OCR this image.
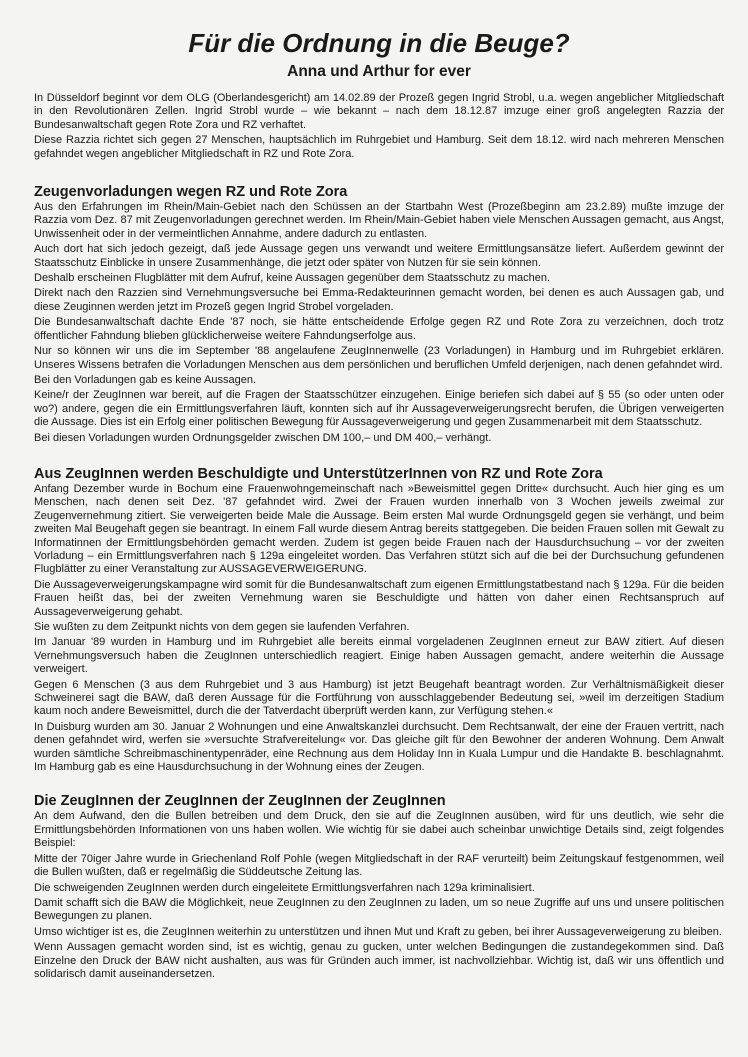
Für die Ordnung in die Beuge?
Anna und Arthur for ever

In Düsseldorf beginnt vor dem OLG (Oberlandesgericht) am 14.02.89 der Prozeß gegen Ingrid Strobl, u.a. wegen angeblicher Mitgliedschaft in den Revolutionären Zellen. Ingrid Strobl wurde – wie bekannt – nach dem 18.12.87 imzuge einer groß angelegten Razzia der Bundesanwaltschaft gegen Rote Zora und RZ verhaftet.

Diese Razzia richtet sich gegen 27 Menschen, hauptsächlich im Ruhrgebiet und Hamburg. Seit dem 18.12. wird nach mehreren Menschen gefahndet wegen angeblicher Mitgliedschaft in RZ und Rote Zora.

Zeugenvorladungen wegen RZ und Rote Zora

Aus den Erfahrungen im Rhein/Main-Gebiet nach den Schüssen an der Startbahn West (Prozeßbeginn am 23.2.89) mußte imzuge der Razzia vom Dez. 87 mit Zeugenvorladungen gerechnet werden. Im Rhein/Main-Gebiet haben viele Menschen Aussagen gemacht, aus Angst, Unwissenheit oder in der vermeintlichen Annahme, andere dadurch zu entlasten.

Auch dort hat sich jedoch gezeigt, daß jede Aussage gegen uns verwandt und weitere Ermittlungsansätze liefert. Außerdem gewinnt der Staatsschutz Einblicke in unsere Zusammenhänge, die jetzt oder später von Nutzen für sie sein können.

Deshalb erscheinen Flugblätter mit dem Aufruf, keine Aussagen gegenüber dem Staatsschutz zu machen.

Direkt nach den Razzien sind Vernehmungsversuche bei Emma-Redakteurinnen gemacht worden, bei denen es auch Aussagen gab, und diese Zeuginnen werden jetzt im Prozeß gegen Ingrid Strobel vorgeladen.

Die Bundesanwaltschaft dachte Ende '87 noch, sie hätte entscheidende Erfolge gegen RZ und Rote Zora zu verzeichnen, doch trotz öffentlicher Fahndung blieben glücklicherweise weitere Fahndungserfolge aus.

Nur so können wir uns die im September '88 angelaufene ZeugInnenwelle (23 Vorladungen) in Hamburg und im Ruhrgebiet erklären. Unseres Wissens betrafen die Vorladungen Menschen aus dem persönlichen und beruflichen Umfeld derjenigen, nach denen gefahndet wird.

Bei den Vorladungen gab es keine Aussagen.

Keine/r der ZeugInnen war bereit, auf die Fragen der Staatsschützer einzugehen. Einige beriefen sich dabei auf § 55 (so oder unten oder wo?) andere, gegen die ein Ermittlungsverfahren läuft, konnten sich auf ihr Aussageverweigerungsrecht berufen, die Übrigen verweigerten die Aussage. Dies ist ein Erfolg einer politischen Bewegung für Aussageverweigerung und gegen Zusammenarbeit mit dem Staatsschutz.

Bei diesen Vorladungen wurden Ordnungsgelder zwischen DM 100,– und DM 400,– verhängt.

Aus ZeugInnen werden Beschuldigte und UnterstützerInnen von RZ und Rote Zora

Anfang Dezember wurde in Bochum eine Frauenwohngemeinschaft nach »Beweismittel gegen Dritte« durchsucht. Auch hier ging es um Menschen, nach denen seit Dez. '87 gefahndet wird. Zwei der Frauen wurden innerhalb von 3 Wochen jeweils zweimal zur Zeugenvernehmung zitiert. Sie verweigerten beide Male die Aussage. Beim ersten Mal wurde Ordnungsgeld gegen sie verhängt, und beim zweiten Mal Beugehaft gegen sie beantragt. In einem Fall wurde diesem Antrag bereits stattgegeben. Die beiden Frauen sollen mit Gewalt zu Informatinnen der Ermittlungsbehörden gemacht werden. Zudem ist gegen beide Frauen nach der Hausdurchsuchung – vor der zweiten Vorladung – ein Ermittlungsverfahren nach § 129a eingeleitet worden. Das Verfahren stützt sich auf die bei der Durchsuchung gefundenen Flugblätter zu einer Veranstaltung zur AUSSAGEVERWEIGERUNG.

Die Aussageverweigerungskampagne wird somit für die Bundesanwaltschaft zum eigenen Ermittlungstatbestand nach § 129a. Für die beiden Frauen heißt das, bei der zweiten Vernehmung waren sie Beschuldigte und hätten von daher einen Rechtsanspruch auf Aussageverweigerung gehabt.

Sie wußten zu dem Zeitpunkt nichts von dem gegen sie laufenden Verfahren.

Im Januar '89 wurden in Hamburg und im Ruhrgebiet alle bereits einmal vorgeladenen ZeugInnen erneut zur BAW zitiert. Auf diesen Vernehmungsversuch haben die ZeugInnen unterschiedlich reagiert. Einige haben Aussagen gemacht, andere weiterhin die Aussage verweigert.

Gegen 6 Menschen (3 aus dem Ruhrgebiet und 3 aus Hamburg) ist jetzt Beugehaft beantragt worden. Zur Verhältnismäßigkeit dieser Schweinerei sagt die BAW, daß deren Aussage für die Fortführung von ausschlaggebender Bedeutung sei, »weil im derzeitigen Stadium kaum noch andere Beweismittel, durch die der Tatverdacht überprüft werden kann, zur Verfügung stehen.«

In Duisburg wurden am 30. Januar 2 Wohnungen und eine Anwaltskanzlei durchsucht. Dem Rechtsanwalt, der eine der Frauen vertritt, nach denen gefahndet wird, werfen sie »versuchte Strafvereitelung« vor. Das gleiche gilt für den Bewohner der anderen Wohnung. Dem Anwalt wurden sämtliche Schreibmaschinentypenräder, eine Rechnung aus dem Holiday Inn in Kuala Lumpur und die Handakte B. beschlagnahmt. Im Hamburg gab es eine Hausdurchsuchung in der Wohnung eines der Zeugen.

Die ZeugInnen der ZeugInnen der ZeugInnen der ZeugInnen

An dem Aufwand, den die Bullen betreiben und dem Druck, den sie auf die ZeugInnen ausüben, wird für uns deutlich, wie sehr die Ermittlungsbehörden Informationen von uns haben wollen. Wie wichtig für sie dabei auch scheinbar unwichtige Details sind, zeigt folgendes Beispiel:

Mitte der 70iger Jahre wurde in Griechenland Rolf Pohle (wegen Mitgliedschaft in der RAF verurteilt) beim Zeitungskauf festgenommen, weil die Bullen wußten, daß er regelmäßig die Süddeutsche Zeitung las.

Die schweigenden ZeugInnen werden durch eingeleitete Ermittlungsverfahren nach 129a kriminalisiert.

Damit schafft sich die BAW die Möglichkeit, neue ZeugInnen zu den ZeugInnen zu laden, um so neue Zugriffe auf uns und unsere politischen Bewegungen zu planen.

Umso wichtiger ist es, die ZeugInnen weiterhin zu unterstützen und ihnen Mut und Kraft zu geben, bei ihrer Aussageverweigerung zu bleiben.

Wenn Aussagen gemacht worden sind, ist es wichtig, genau zu gucken, unter welchen Bedingungen die zustandegekommen sind. Daß Einzelne den Druck der BAW nicht aushalten, aus was für Gründen auch immer, ist nachvollziehbar. Wichtig ist, daß wir uns öffentlich und solidarisch damit auseinandersetzen.
